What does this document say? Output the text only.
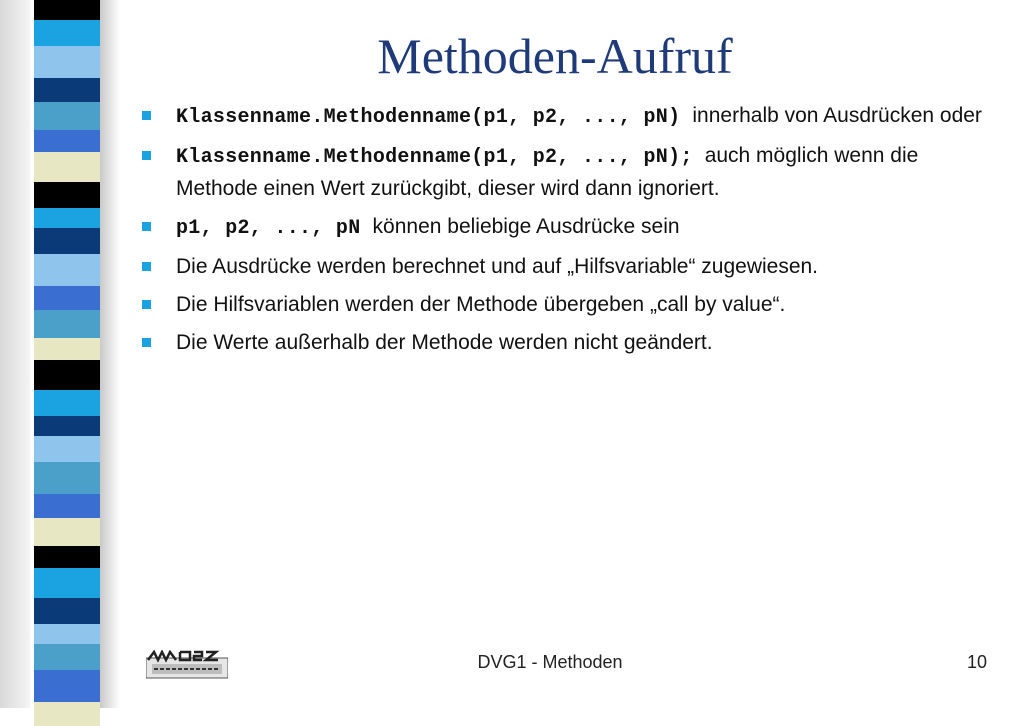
Methoden-Aufruf
Klassenname.Methodenname(p1, p2, ..., pN) innerhalb von Ausdrücken oder
Klassenname.Methodenname(p1, p2, ..., pN); auch möglich wenn die Methode einen Wert zurückgibt, dieser wird dann ignoriert.
p1, p2, ..., pN können beliebige Ausdrücke sein
Die Ausdrücke werden berechnet und auf „Hilfsvariable“ zugewiesen.
Die Hilfsvariablen werden der Methode übergeben „call by value“.
Die Werte außerhalb der Methode werden nicht geändert.
DVG1 - Methoden	10
